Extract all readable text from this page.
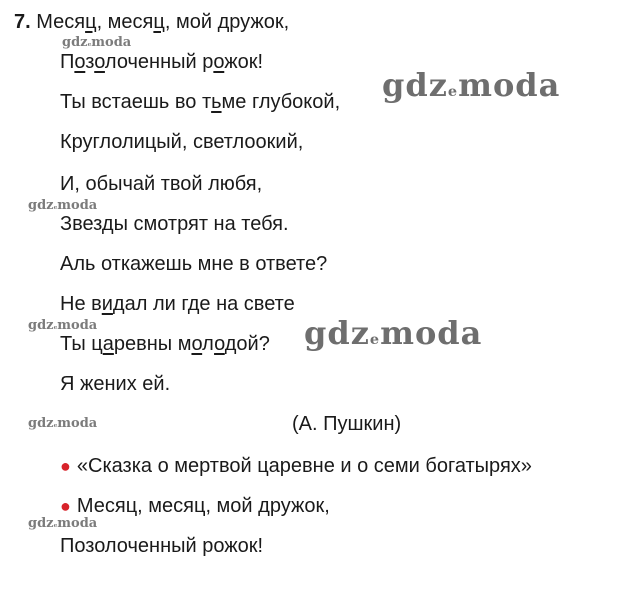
7. Месяц, месяц, мой дружок,
Позолоченный рожок!
Ты встаешь во тьме глубокой,
Круглолицый, светлоокий,
И, обычай твой любя,
Звезды смотрят на тебя.
Аль откажешь мне в ответе?
Не видал ли где на свете
Ты царевны молодой?
Я жених ей.
(А. Пушкин)
● «Сказка о мертвой царевне и о семи богатырях»
● Месяц, месяц, мой дружок,
Позолоченный рожок!
gdzemoda
gdzemoda
gdzemoda
gdzemoda	gdzemoda
gdzemoda
gdzemoda
